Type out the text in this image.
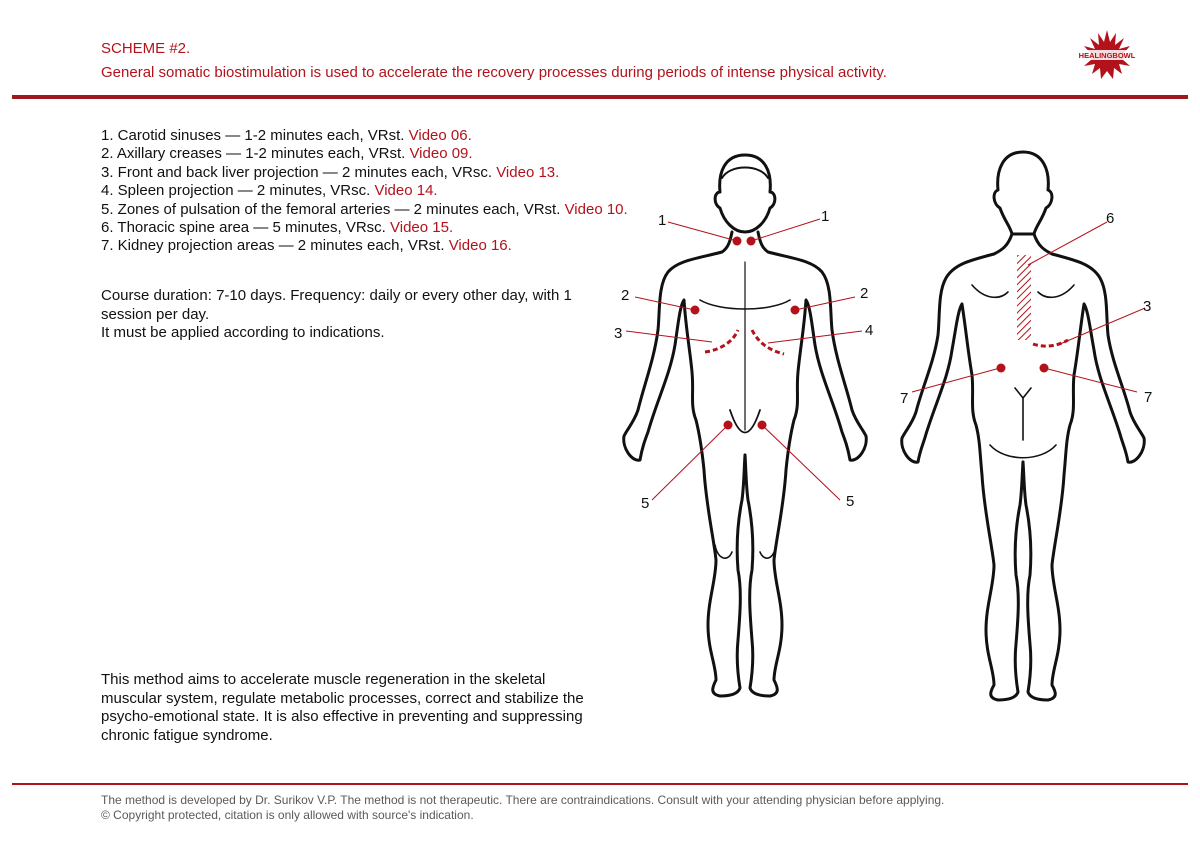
SCHEME #2.
General somatic biostimulation is used to accelerate the recovery processes during periods of intense physical activity.
HEALINGBOWL
1. Carotid sinuses — 1-2 minutes each, VRst. Video 06.
2. Axillary creases — 1-2 minutes each, VRst. Video 09.
3. Front and back liver projection — 2 minutes each, VRsc. Video 13.
4. Spleen projection — 2 minutes, VRsc. Video 14.
5. Zones of pulsation of the femoral arteries — 2 minutes each, VRst. Video 10.
6. Thoracic spine area — 5 minutes, VRsc. Video 15.
7. Kidney projection areas — 2 minutes each, VRst. Video 16.

Course duration: 7-10 days. Frequency: daily or every other day, with 1 session per day.

It must be applied according to indications.

This method aims to accelerate muscle regeneration in the skeletal muscular system, regulate metabolic processes, correct and stabilize the psycho-emotional state. It is also effective in preventing and suppressing chronic fatigue syndrome.

The method is developed by Dr. Surikov V.P. The method is not therapeutic. There are contraindications. Consult with your attending physician before applying.

© Copyright protected, citation is only allowed with source's indication.

1	1
2	2
3	4
5	5
6
3
7	7
